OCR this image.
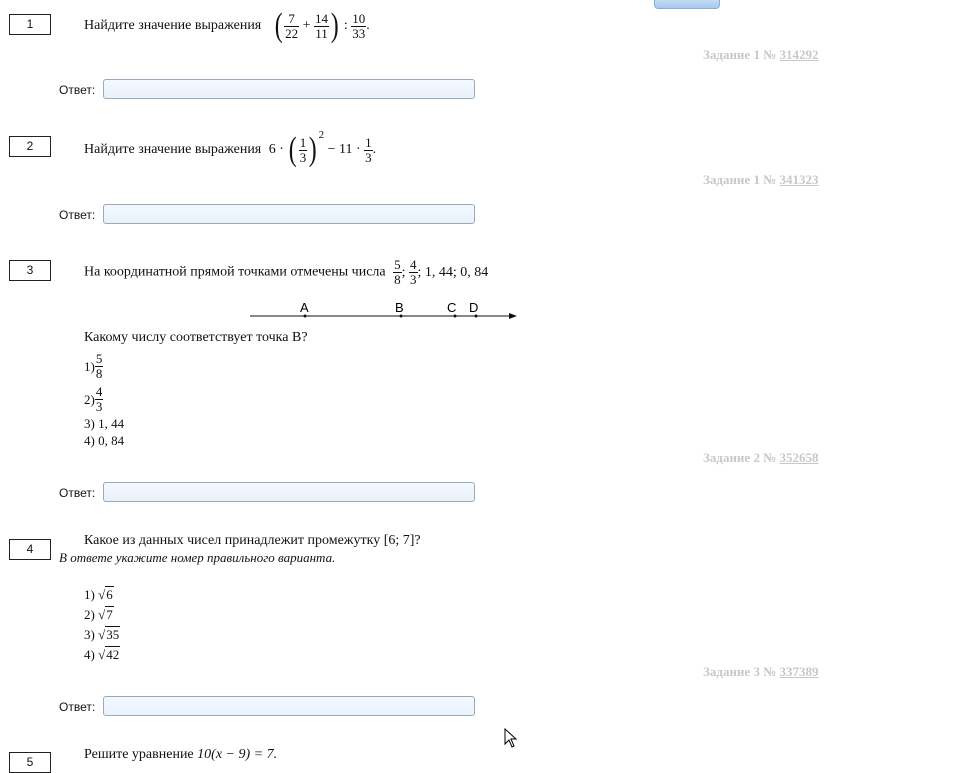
1	Найдите значение выражения ( $\frac{7}{22} + \frac{14}{11}$ ) : $\frac{10}{33}$ .
Задание 1 № 314292
Ответ:
2	Найдите значение выражения 6 · ( $\frac{1}{3}$ ) $^2 - 11 \cdot \frac{1}{3}$ .
Задание 1 № 341323
Ответ:
3	На координатной прямой точками отмечены числа $\frac{5}{8}$ ; $\frac{4}{3}$ ; 1, 44; 0, 84
A	B	C D
Какому числу соответствует точка B?
$1) \frac{5}{8}$
$2) \frac{4}{3}$
3) 1, 44
4) 0, 84
Задание 2 № 352658
Ответ:
4
Какое из данных чисел принадлежит промежутку [6; 7]?
В ответе укажите номер правильного варианта.
1) √6
2) √7
3) √35
4) √42
Задание 3 № 337389
Ответ:
5	Решите уравнение 10(x − 9) = 7.
